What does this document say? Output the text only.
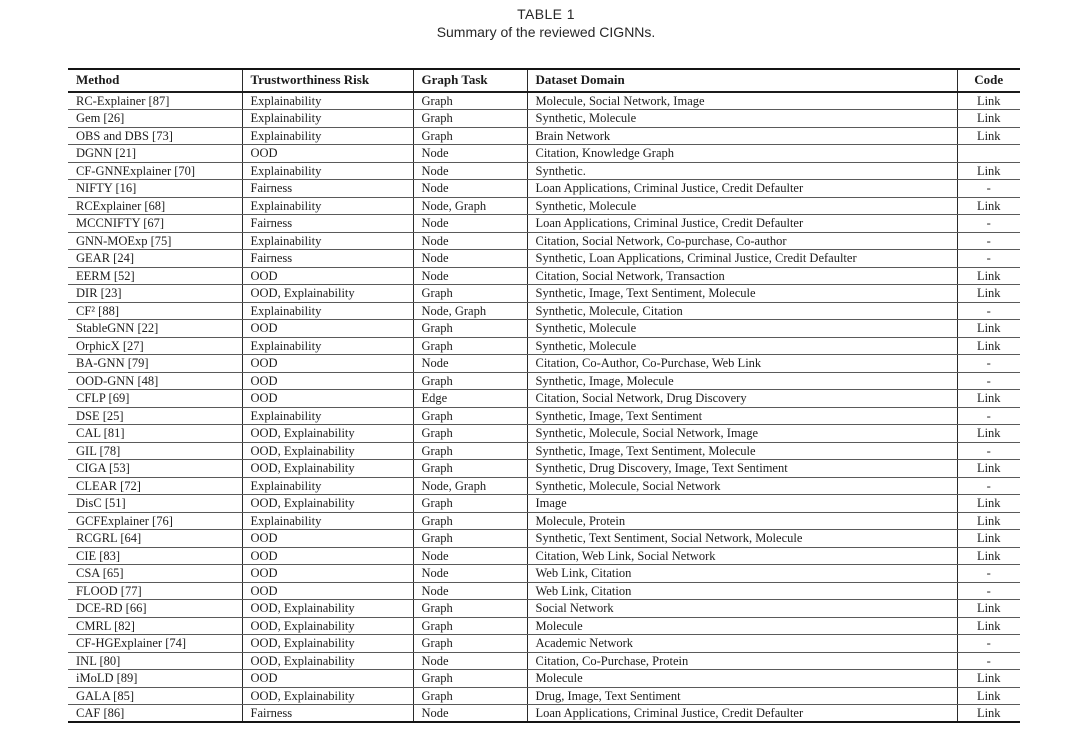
TABLE 1
Summary of the reviewed CIGNNs.
Method	Trustworthiness Risk	Graph Task	Dataset Domain	Code
RC-Explainer [87]	Explainability	Graph	Molecule, Social Network, Image	Link
Gem [26]	Explainability	Graph	Synthetic, Molecule	Link
OBS and DBS [73]	Explainability	Graph	Brain Network	Link
DGNN [21]	OOD	Node	Citation, Knowledge Graph	
CF-GNNExplainer [70]	Explainability	Node	Synthetic.	Link
NIFTY [16]	Fairness	Node	Loan Applications, Criminal Justice, Credit Defaulter	-
RCExplainer [68]	Explainability	Node, Graph	Synthetic, Molecule	Link
MCCNIFTY [67]	Fairness	Node	Loan Applications, Criminal Justice, Credit Defaulter	-
GNN-MOExp [75]	Explainability	Node	Citation, Social Network, Co-purchase, Co-author	-
GEAR [24]	Fairness	Node	Synthetic, Loan Applications, Criminal Justice, Credit Defaulter	-
EERM [52]	OOD	Node	Citation, Social Network, Transaction	Link
DIR [23]	OOD, Explainability	Graph	Synthetic, Image, Text Sentiment, Molecule	Link
CF² [88]	Explainability	Node, Graph	Synthetic, Molecule, Citation	-
StableGNN [22]	OOD	Graph	Synthetic, Molecule	Link
OrphicX [27]	Explainability	Graph	Synthetic, Molecule	Link
BA-GNN [79]	OOD	Node	Citation, Co-Author, Co-Purchase, Web Link	-
OOD-GNN [48]	OOD	Graph	Synthetic, Image, Molecule	-
CFLP [69]	OOD	Edge	Citation, Social Network, Drug Discovery	Link
DSE [25]	Explainability	Graph	Synthetic, Image, Text Sentiment	-
CAL [81]	OOD, Explainability	Graph	Synthetic, Molecule, Social Network, Image	Link
GIL [78]	OOD, Explainability	Graph	Synthetic, Image, Text Sentiment, Molecule	-
CIGA [53]	OOD, Explainability	Graph	Synthetic, Drug Discovery, Image, Text Sentiment	Link
CLEAR [72]	Explainability	Node, Graph	Synthetic, Molecule, Social Network	-
DisC [51]	OOD, Explainability	Graph	Image	Link
GCFExplainer [76]	Explainability	Graph	Molecule, Protein	Link
RCGRL [64]	OOD	Graph	Synthetic, Text Sentiment, Social Network, Molecule	Link
CIE [83]	OOD	Node	Citation, Web Link, Social Network	Link
CSA [65]	OOD	Node	Web Link, Citation	-
FLOOD [77]	OOD	Node	Web Link, Citation	-
DCE-RD [66]	OOD, Explainability	Graph	Social Network	Link
CMRL [82]	OOD, Explainability	Graph	Molecule	Link
CF-HGExplainer [74]	OOD, Explainability	Graph	Academic Network	-
INL [80]	OOD, Explainability	Node	Citation, Co-Purchase, Protein	-
iMoLD [89]	OOD	Graph	Molecule	Link
GALA [85]	OOD, Explainability	Graph	Drug, Image, Text Sentiment	Link
CAF [86]	Fairness	Node	Loan Applications, Criminal Justice, Credit Defaulter	Link
